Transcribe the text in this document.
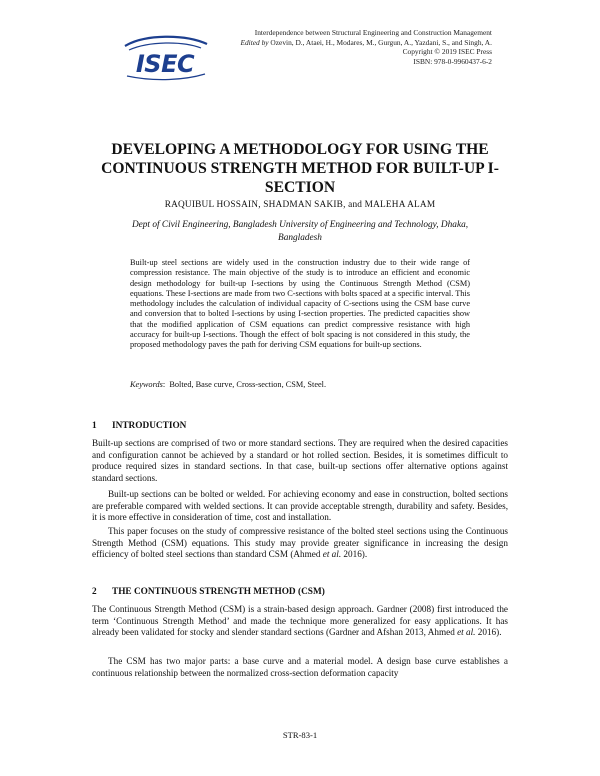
ISEC
Interdependence between Structural Engineering and Construction Management
Edited by Ozevin, D., Ataei, H., Modares, M., Gurgun, A., Yazdani, S., and Singh, A.
Copyright © 2019 ISEC Press
ISBN: 978-0-9960437-6-2
DEVELOPING A METHODOLOGY FOR USING THE CONTINUOUS STRENGTH METHOD FOR BUILT-UP I-SECTION
RAQUIBUL HOSSAIN, SHADMAN SAKIB, and MALEHA ALAM
Dept of Civil Engineering, Bangladesh University of Engineering and Technology, Dhaka, Bangladesh
Built-up steel sections are widely used in the construction industry due to their wide range of compression resistance. The main objective of the study is to introduce an efficient and economic design methodology for built-up I-sections by using the Continuous Strength Method (CSM) equations. These I-sections are made from two C-sections with bolts spaced at a specific interval. This methodology includes the calculation of individual capacity of C-sections using the CSM base curve and conversion that to bolted I-sections by using I-section properties. The predicted capacities show that the modified application of CSM equations can predict compressive resistance with high accuracy for built-up I-sections. Though the effect of bolt spacing is not considered in this study, the proposed methodology paves the path for deriving CSM equations for built-up sections.
Keywords:  Bolted, Base curve, Cross-section, CSM, Steel.
1 INTRODUCTION
Built-up sections are comprised of two or more standard sections. They are required when the desired capacities and configuration cannot be achieved by a standard or hot rolled section. Besides, it is sometimes difficult to produce required sizes in standard sections. In that case, built-up sections offer alternative options against standard sections.
Built-up sections can be bolted or welded. For achieving economy and ease in construction, bolted sections are preferable compared with welded sections. It can provide acceptable strength, durability and safety. Besides, it is more effective in consideration of time, cost and installation.
This paper focuses on the study of compressive resistance of the bolted steel sections using the Continuous Strength Method (CSM) equations. This study may provide greater significance in increasing the design efficiency of bolted steel sections than standard CSM (Ahmed et al. 2016).
2 THE CONTINUOUS STRENGTH METHOD (CSM)
The Continuous Strength Method (CSM) is a strain-based design approach. Gardner (2008) first introduced the term ‘Continuous Strength Method’ and made the technique more generalized for easy applications. It has already been validated for stocky and slender standard sections (Gardner and Afshan 2013, Ahmed et al. 2016).
The CSM has two major parts: a base curve and a material model. A design base curve establishes a continuous relationship between the normalized cross-section deformation capacity
STR-83-1
